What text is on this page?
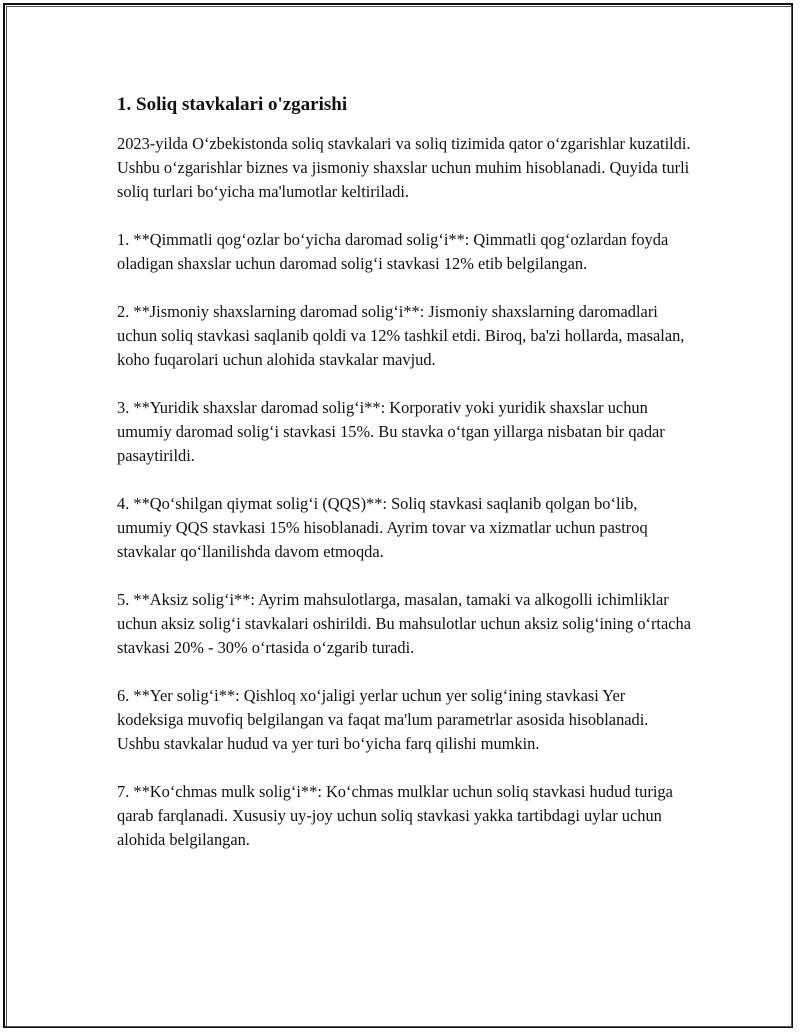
1. Soliq stavkalari o'zgarishi

2023-yilda O‘zbekistonda soliq stavkalari va soliq tizimida qator o‘zgarishlar kuzatildi. Ushbu o‘zgarishlar biznes va jismoniy shaxslar uchun muhim hisoblanadi. Quyida turli soliq turlari bo‘yicha ma'lumotlar keltiriladi.

1. **Qimmatli qog‘ozlar bo‘yicha daromad solig‘i**: Qimmatli qog‘ozlardan foyda oladigan shaxslar uchun daromad solig‘i stavkasi 12% etib belgilangan.

2. **Jismoniy shaxslarning daromad solig‘i**: Jismoniy shaxslarning daromadlari uchun soliq stavkasi saqlanib qoldi va 12% tashkil etdi. Biroq, ba'zi hollarda, masalan, koho fuqarolari uchun alohida stavkalar mavjud.

3. **Yuridik shaxslar daromad solig‘i**: Korporativ yoki yuridik shaxslar uchun umumiy daromad solig‘i stavkasi 15%. Bu stavka o‘tgan yillarga nisbatan bir qadar pasaytirildi.

4. **Qo‘shilgan qiymat solig‘i (QQS)**: Soliq stavkasi saqlanib qolgan bo‘lib, umumiy QQS stavkasi 15% hisoblanadi. Ayrim tovar va xizmatlar uchun pastroq stavkalar qo‘llanilishda davom etmoqda.

5. **Aksiz solig‘i**: Ayrim mahsulotlarga, masalan, tamaki va alkogolli ichimliklar uchun aksiz solig‘i stavkalari oshirildi. Bu mahsulotlar uchun aksiz solig‘ining o‘rtacha stavkasi 20% - 30% o‘rtasida o‘zgarib turadi.

6. **Yer solig‘i**: Qishloq xo‘jaligi yerlar uchun yer solig‘ining stavkasi Yer kodeksiga muvofiq belgilangan va faqat ma'lum parametrlar asosida hisoblanadi. Ushbu stavkalar hudud va yer turi bo‘yicha farq qilishi mumkin.

7. **Ko‘chmas mulk solig‘i**: Ko‘chmas mulklar uchun soliq stavkasi hudud turiga qarab farqlanadi. Xususiy uy-joy uchun soliq stavkasi yakka tartibdagi uylar uchun alohida belgilangan.
